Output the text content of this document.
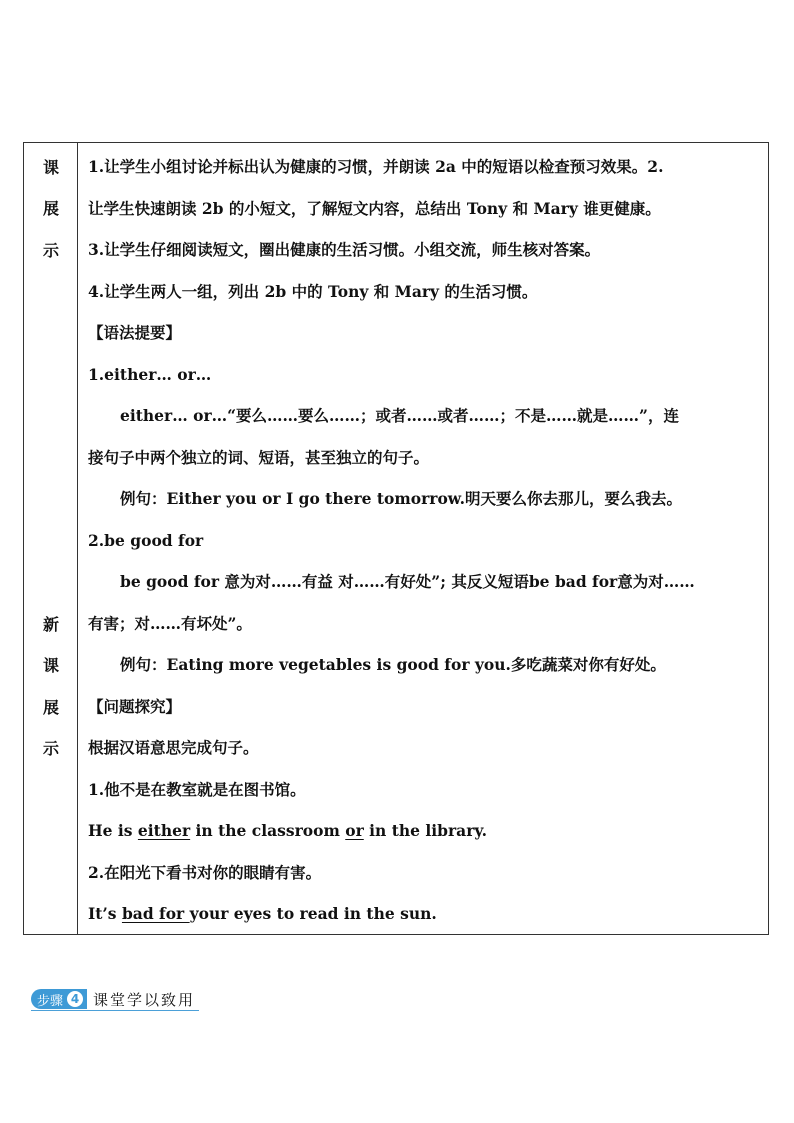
课
展
示
新
课
展
示
1.让学生小组讨论并标出认为健康的习惯，并朗读 2a 中的短语以检查预习效果。2.
让学生快速朗读 2b 的小短文，了解短文内容，总结出 Tony 和 Mary 谁更健康。
3.让学生仔细阅读短文，圈出健康的生活习惯。小组交流，师生核对答案。
4.让学生两人一组，列出 2b 中的 Tony 和 Mary 的生活习惯。
【语法提要】
1.either… or…
either… or…“要么……要么……；或者……或者……；不是……就是……”，连
接句子中两个独立的词、短语，甚至独立的句子。
例句：Either you or I go there tomorrow.明天要么你去那儿，要么我去。
2.be good for
be good for 意为对……有益 对……有好处”; 其反义短语be bad for意为对……
有害；对……有坏处”。
例句：Eating more vegetables is good for you.多吃蔬菜对你有好处。
【问题探究】
根据汉语意思完成句子。
1.他不是在教室就是在图书馆。
He is either in the classroom or in the library.
2.在阳光下看书对你的眼睛有害。
It’s bad for your eyes to read in the sun.
步骤 4 课堂学以致用
